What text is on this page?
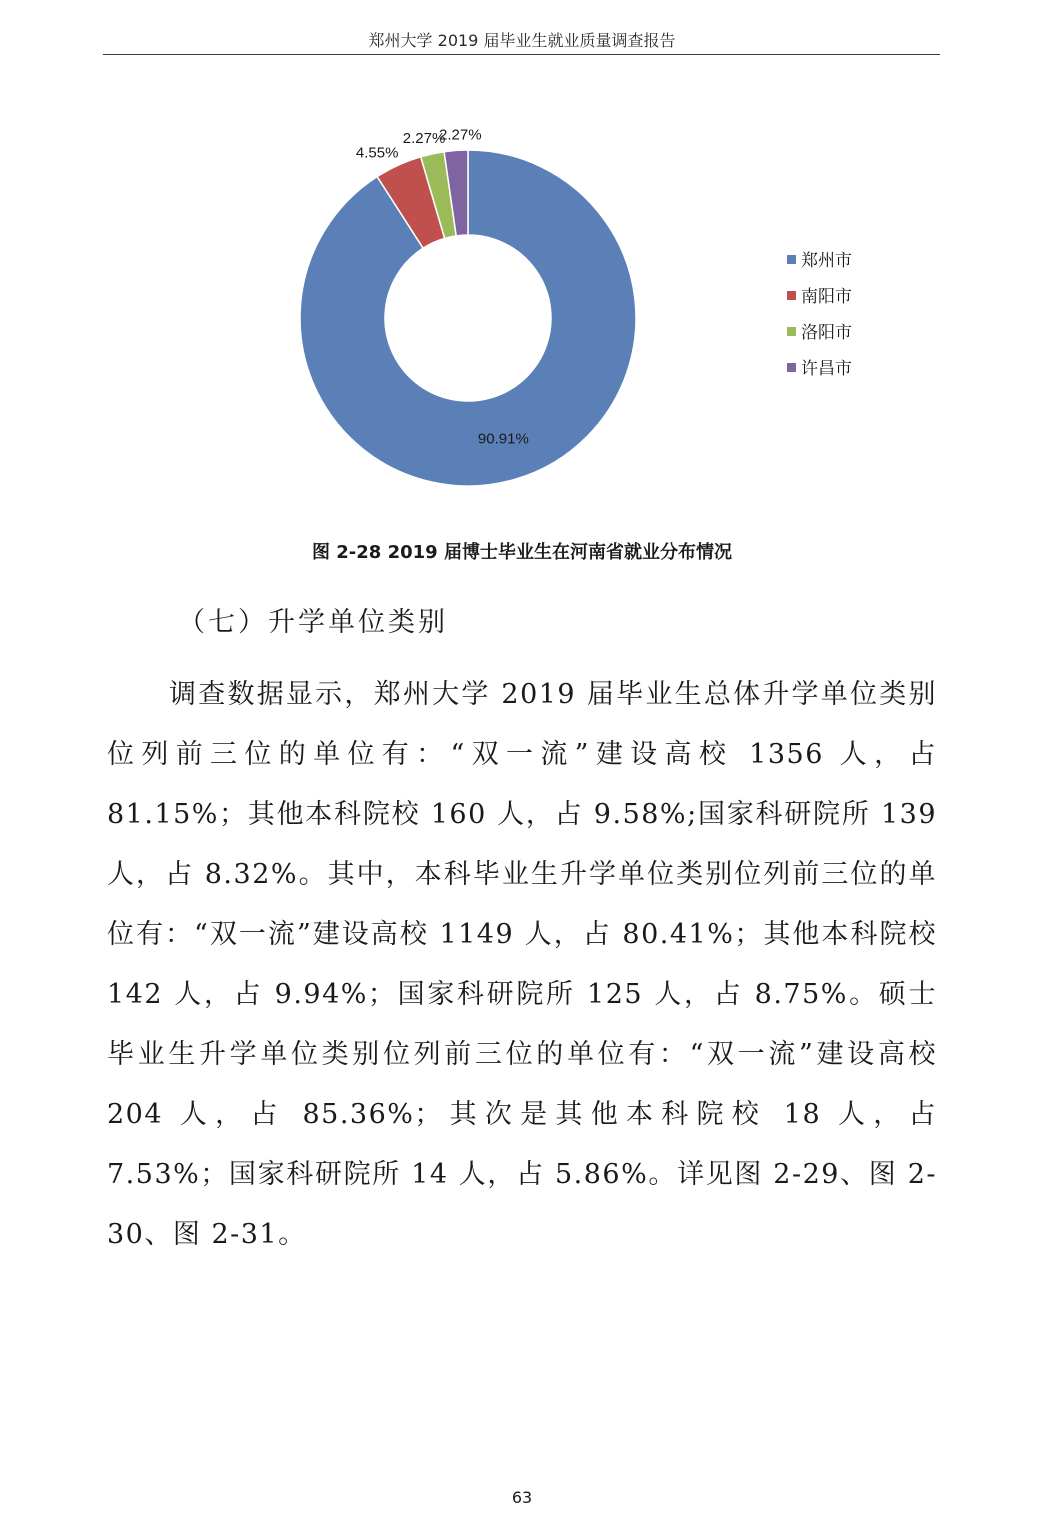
郑州大学 2019 届毕业生就业质量调查报告
90.91%
4.55%
2.27%
2.27%
郑州市
南阳市
洛阳市
许昌市
图 2-28 2019 届博士毕业生在河南省就业分布情况
（七）升学单位类别

调查数据显示，郑州大学 2019 届毕业生总体升学单位类别位列前三位的单位有：“双一流”建设高校 1356 人，占 81.15%；其他本科院校 160 人，占 9.58%;国家科研院所 139 人，占 8.32%。其中，本科毕业生升学单位类别位列前三位的单位有：“双一流”建设高校 1149 人，占 80.41%；其他本科院校 142 人，占 9.94%；国家科研院所 125 人，占 8.75%。硕士毕业生升学单位类别位列前三位的单位有：“双一流”建设高校 204 人，占 85.36%；其次是其他本科院校 18 人，占 7.53%；国家科研院所 14 人，占 5.86%。详见图 2-29、图 2-30、图 2-31。

63
